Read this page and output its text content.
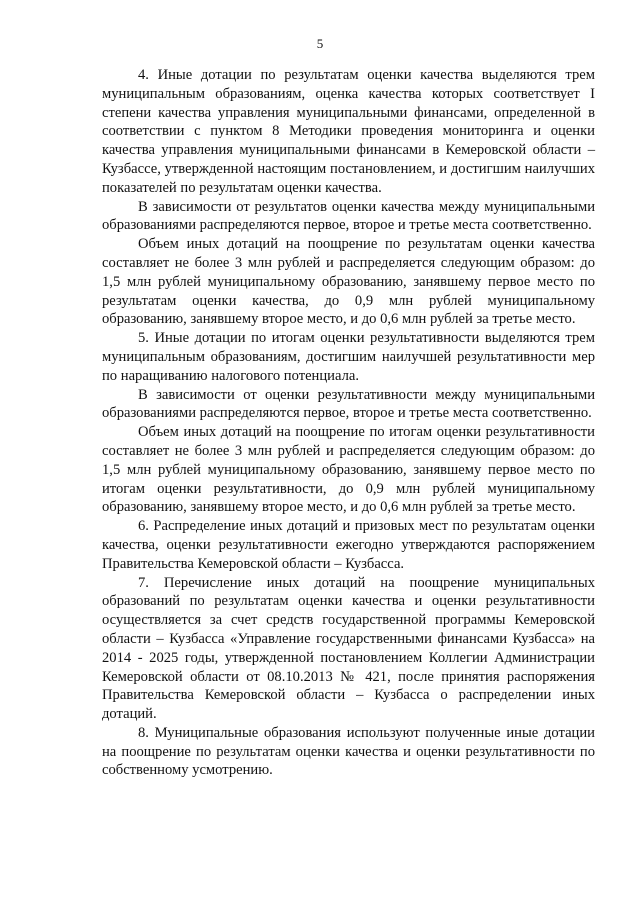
5

4. Иные дотации по результатам оценки качества выделяются трем муниципальным образованиям, оценка качества которых соответствует I степени качества управления муниципальными финансами, определенной в соответствии с пунктом 8 Методики проведения мониторинга и оценки качества управления муниципальными финансами в Кемеровской области – Кузбассе, утвержденной настоящим постановлением, и достигшим наилучших показателей по результатам оценки качества.

В зависимости от результатов оценки качества между муниципальными образованиями распределяются первое, второе и третье места соответственно.

Объем иных дотаций на поощрение по результатам оценки качества составляет не более 3 млн рублей и распределяется следующим образом: до 1,5 млн рублей муниципальному образованию, занявшему первое место по результатам оценки качества, до 0,9 млн рублей муниципальному образованию, занявшему второе место, и до 0,6 млн рублей за третье место.

5. Иные дотации по итогам оценки результативности выделяются трем муниципальным образованиям, достигшим наилучшей результативности мер по наращиванию налогового потенциала.

В зависимости от оценки результативности между муниципальными образованиями распределяются первое, второе и третье места соответственно.

Объем иных дотаций на поощрение по итогам оценки результативности составляет не более 3 млн рублей и распределяется следующим образом: до 1,5 млн рублей муниципальному образованию, занявшему первое место по итогам оценки результативности, до 0,9 млн рублей муниципальному образованию, занявшему второе место, и до 0,6 млн рублей за третье место.

6. Распределение иных дотаций и призовых мест по результатам оценки качества, оценки результативности ежегодно утверждаются распоряжением Правительства Кемеровской области – Кузбасса.

7. Перечисление иных дотаций на поощрение муниципальных образований по результатам оценки качества и оценки результативности осуществляется за счет средств государственной программы Кемеровской области – Кузбасса «Управление государственными финансами Кузбасса» на 2014 - 2025 годы, утвержденной постановлением Коллегии Администрации Кемеровской области от 08.10.2013 № 421, после принятия распоряжения Правительства Кемеровской области – Кузбасса о распределении иных дотаций.

8. Муниципальные образования используют полученные иные дотации на поощрение по результатам оценки качества и оценки результативности по собственному усмотрению.
